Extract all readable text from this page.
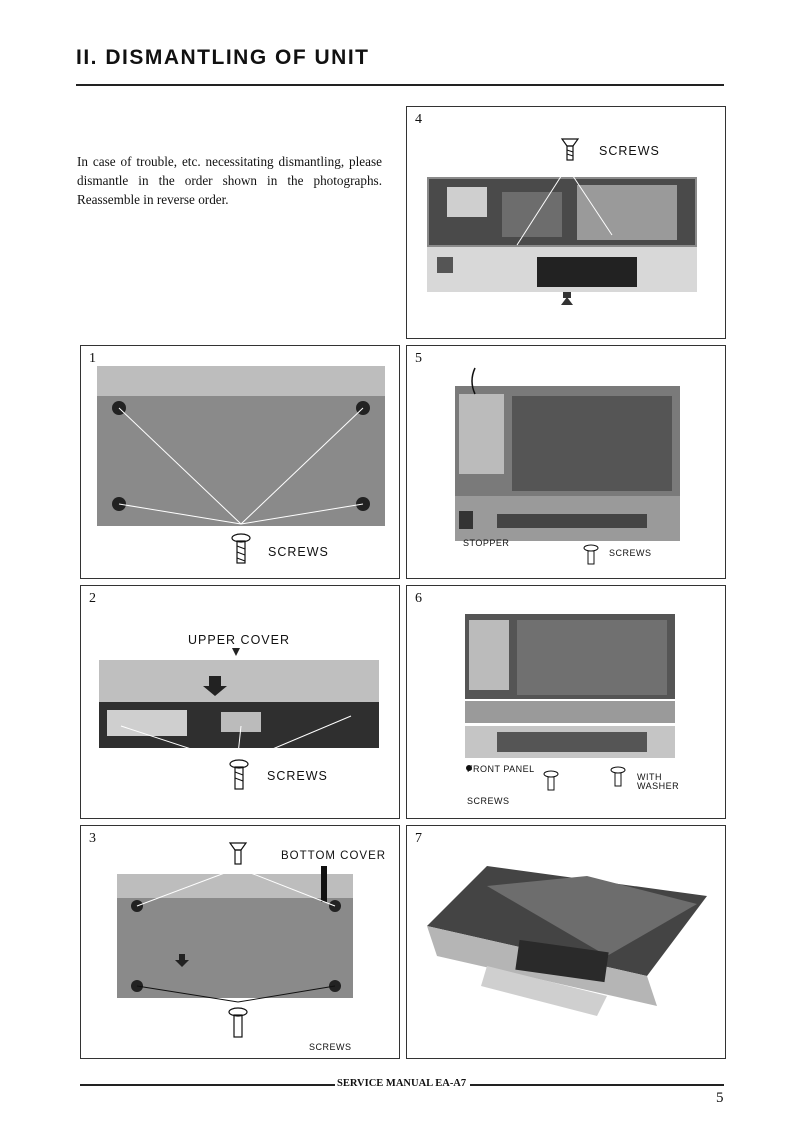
II. DISMANTLING OF UNIT
In case of trouble, etc. necessitating dismantling, please dismantle in the order shown in the photographs. Reassemble in reverse order.
4
SCREWS
1
SCREWS
5
STOPPER
SCREWS
2
UPPER COVER
SCREWS
6
FRONT PANEL
WITH
WASHER
SCREWS
3
BOTTOM COVER
SCREWS
7
SERVICE MANUAL EA-A7
5
